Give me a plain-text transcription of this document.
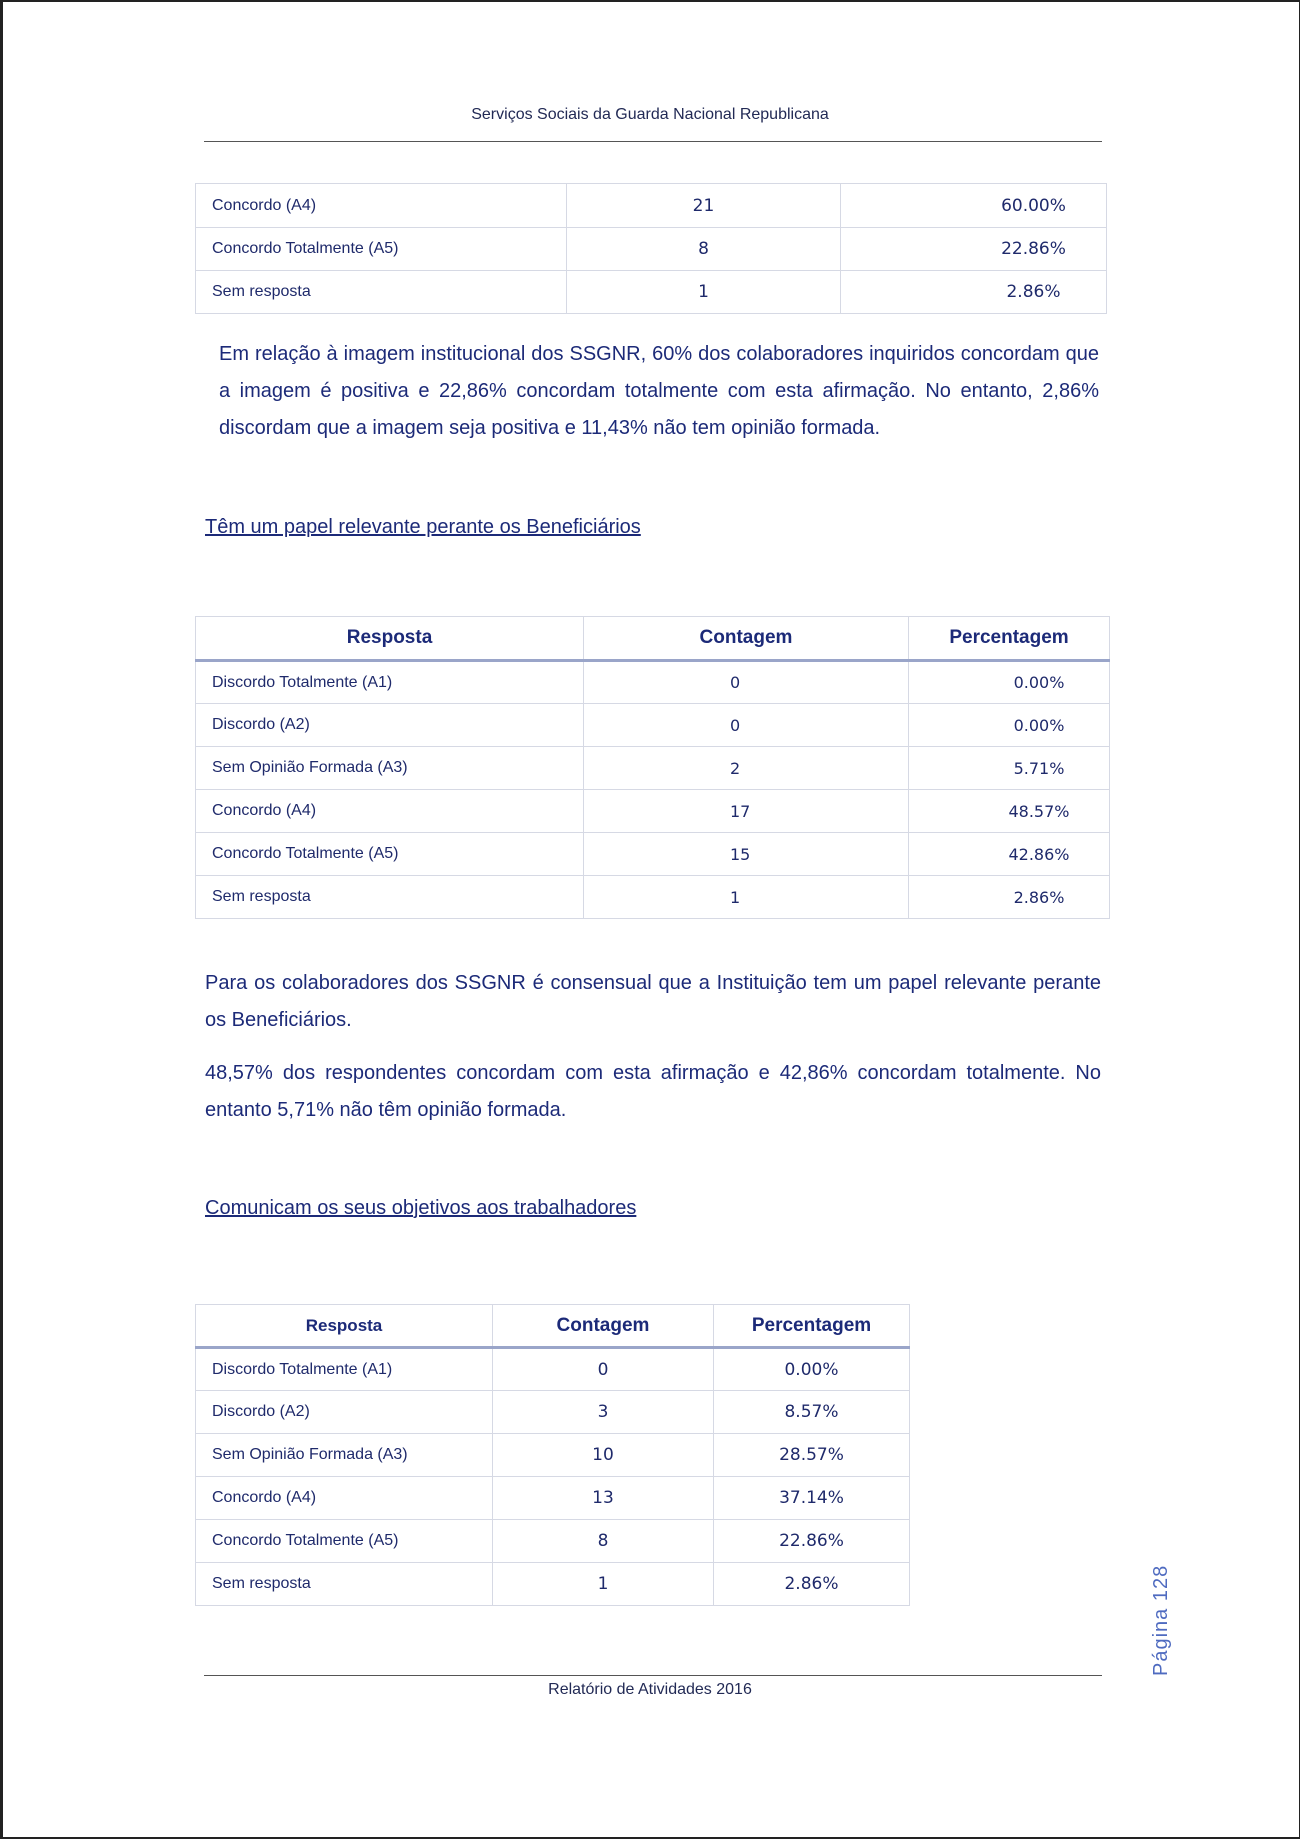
Serviços Sociais da Guarda Nacional Republicana
Concordo (A4)	21	60.00%
Concordo Totalmente (A5)	8	22.86%
Sem resposta	1	2.86%
Em relação à imagem institucional dos SSGNR, 60% dos colaboradores inquiridos concordam que a imagem é positiva e 22,86% concordam totalmente com esta afirmação. No entanto, 2,86% discordam que a imagem seja positiva e 11,43% não tem opinião formada.
Têm um papel relevante perante os Beneficiários
Resposta	Contagem	Percentagem
Discordo Totalmente (A1)	0	0.00%
Discordo (A2)	0	0.00%
Sem Opinião Formada (A3)	2	5.71%
Concordo (A4)	17	48.57%
Concordo Totalmente (A5)	15	42.86%
Sem resposta	1	2.86%
Para os colaboradores dos SSGNR é consensual que a Instituição tem um papel relevante perante os Beneficiários.
48,57% dos respondentes concordam com esta afirmação e 42,86% concordam totalmente. No entanto 5,71% não têm opinião formada.
Comunicam os seus objetivos aos trabalhadores
Resposta	Contagem	Percentagem
Discordo Totalmente (A1)	0	0.00%
Discordo (A2)	3	8.57%
Sem Opinião Formada (A3)	10	28.57%
Concordo (A4)	13	37.14%
Concordo Totalmente (A5)	8	22.86%
Sem resposta	1	2.86%	Página 128
Relatório de Atividades 2016
